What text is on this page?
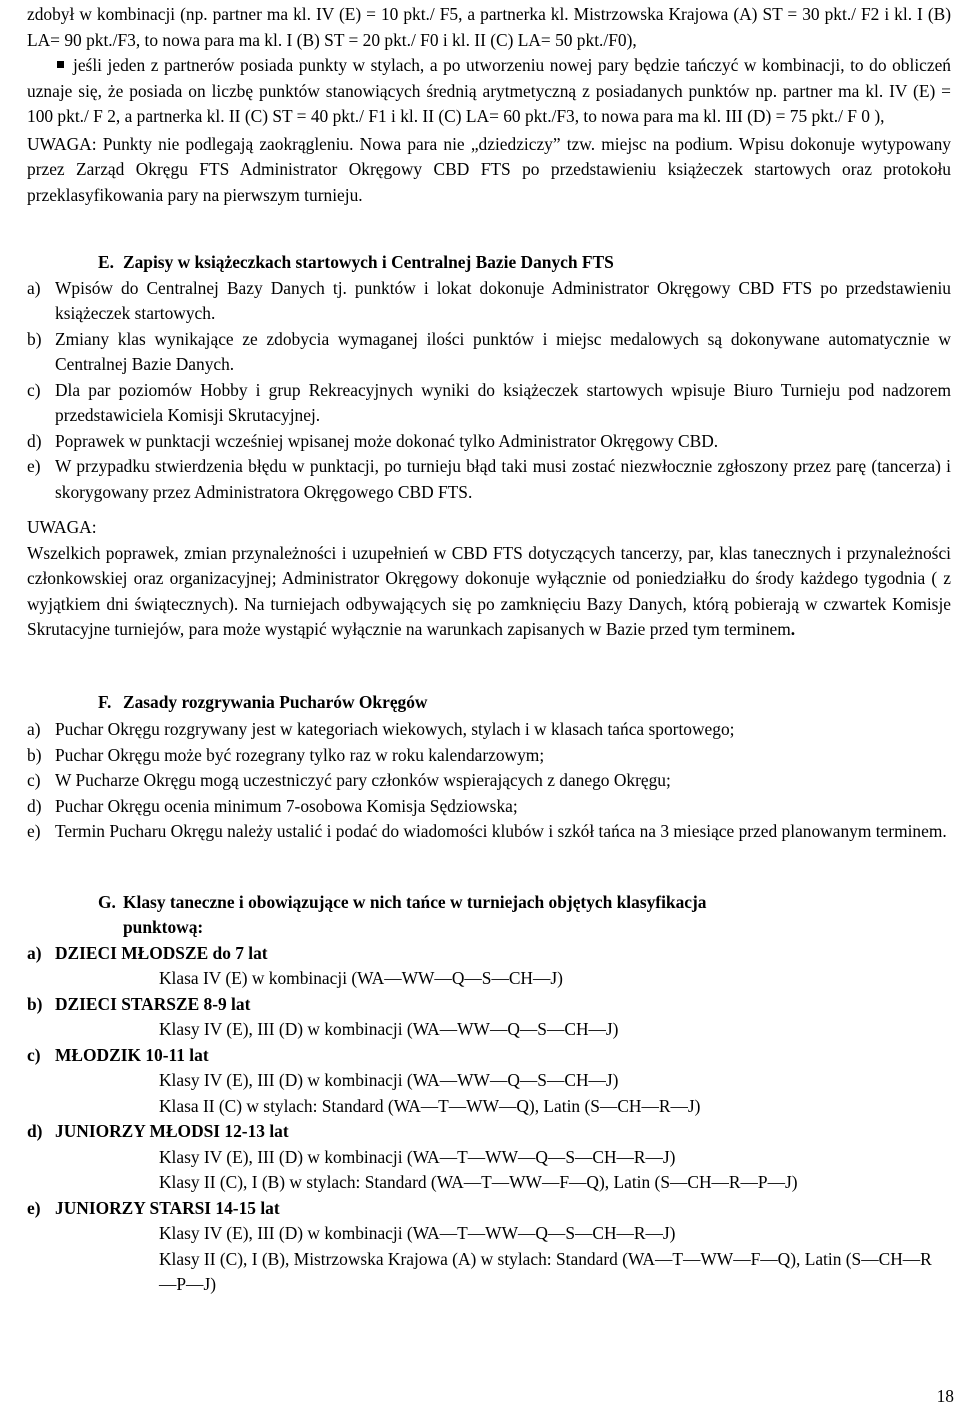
zdobył w kombinacji (np. partner ma kl. IV (E) = 10 pkt./ F5, a partnerka kl. Mistrzowska Krajowa (A) ST = 30 pkt./ F2 i kl. I (B) LA= 90 pkt./F3, to nowa para ma kl. I (B) ST = 20 pkt./ F0 i kl. II (C) LA= 50 pkt./F0),

jeśli jeden z partnerów posiada punkty w stylach, a po utworzeniu nowej pary będzie tańczyć w kombinacji, to do obliczeń uznaje się, że posiada on liczbę punktów stanowiących średnią arytmetyczną z posiadanych punktów np. partner ma kl. IV (E) = 100 pkt./ F 2, a partnerka kl. II (C) ST = 40 pkt./ F1 i kl. II (C) LA= 60 pkt./F3, to nowa para ma kl. III (D) = 75 pkt./ F 0 ),

UWAGA: Punkty nie podlegają zaokrągleniu. Nowa para nie „dziedziczy” tzw. miejsc na podium. Wpisu dokonuje wytypowany przez Zarząd Okręgu FTS Administrator Okręgowy CBD FTS po przedstawieniu książeczek startowych oraz protokołu przeklasyfikowania pary na pierwszym turnieju.

E. Zapisy w książeczkach startowych i Centralnej Bazie Danych FTS

a) Wpisów do Centralnej Bazy Danych tj. punktów i lokat dokonuje Administrator Okręgowy CBD FTS po przedstawieniu książeczek startowych.
b) Zmiany klas wynikające ze zdobycia wymaganej ilości punktów i miejsc medalowych są dokonywane automatycznie w Centralnej Bazie Danych.
c) Dla par poziomów Hobby i grup Rekreacyjnych wyniki do książeczek startowych wpisuje Biuro Turnieju pod nadzorem przedstawiciela Komisji Skrutacyjnej.
d) Poprawek w punktacji wcześniej wpisanej może dokonać tylko Administrator Okręgowy CBD.
e) W przypadku stwierdzenia błędu w punktacji, po turnieju błąd taki musi zostać niezwłocznie zgłoszony przez parę (tancerza) i skorygowany przez Administratora Okręgowego CBD FTS.

UWAGA:

Wszelkich poprawek, zmian przynależności i uzupełnień w CBD FTS dotyczących tancerzy, par, klas tanecznych i przynależności członkowskiej oraz organizacyjnej; Administrator Okręgowy dokonuje wyłącznie od poniedziałku do środy każdego tygodnia ( z wyjątkiem dni świątecznych). Na turniejach odbywających się po zamknięciu Bazy Danych, którą pobierają w czwartek Komisje Skrutacyjne turniejów, para może wystąpić wyłącznie na warunkach zapisanych w Bazie przed tym terminem.

F. Zasady rozgrywania Pucharów Okręgów

a) Puchar Okręgu rozgrywany jest w kategoriach wiekowych, stylach i w klasach tańca sportowego;
b) Puchar Okręgu może być rozegrany tylko raz w roku kalendarzowym;
c) W Pucharze Okręgu mogą uczestniczyć pary członków wspierających z danego Okręgu;
d) Puchar Okręgu ocenia minimum 7-osobowa Komisja Sędziowska;
e) Termin Pucharu Okręgu należy ustalić i podać do wiadomości klubów i szkół tańca na 3 miesiące przed planowanym terminem.
G. Klasy taneczne i obowiązujące w nich tańce w turniejach objętych klasyfikacja

punktową:

a) DZIECI MŁODSZE do 7 lat

Klasa IV (E) w kombinacji (WA—WW—Q—S—CH—J)

b) DZIECI STARSZE 8-9 lat

Klasy IV (E), III (D) w kombinacji (WA—WW—Q—S—CH—J)

c) MŁODZIK 10-11 lat

Klasy IV (E), III (D) w kombinacji (WA—WW—Q—S—CH—J)

Klasa II (C) w stylach: Standard (WA—T—WW—Q), Latin (S—CH—R—J)

d) JUNIORZY MŁODSI 12-13 lat

Klasy IV (E), III (D) w kombinacji (WA—T—WW—Q—S—CH—R—J)

Klasy II (C), I (B) w stylach: Standard (WA—T—WW—F—Q), Latin (S—CH—R—P—J)

e) JUNIORZY STARSI 14-15 lat

Klasy IV (E), III (D) w kombinacji (WA—T—WW—Q—S—CH—R—J)

Klasy II (C), I (B), Mistrzowska Krajowa (A) w stylach: Standard (WA—T—WW—F—Q), Latin (S—CH—R—P—J)

18
